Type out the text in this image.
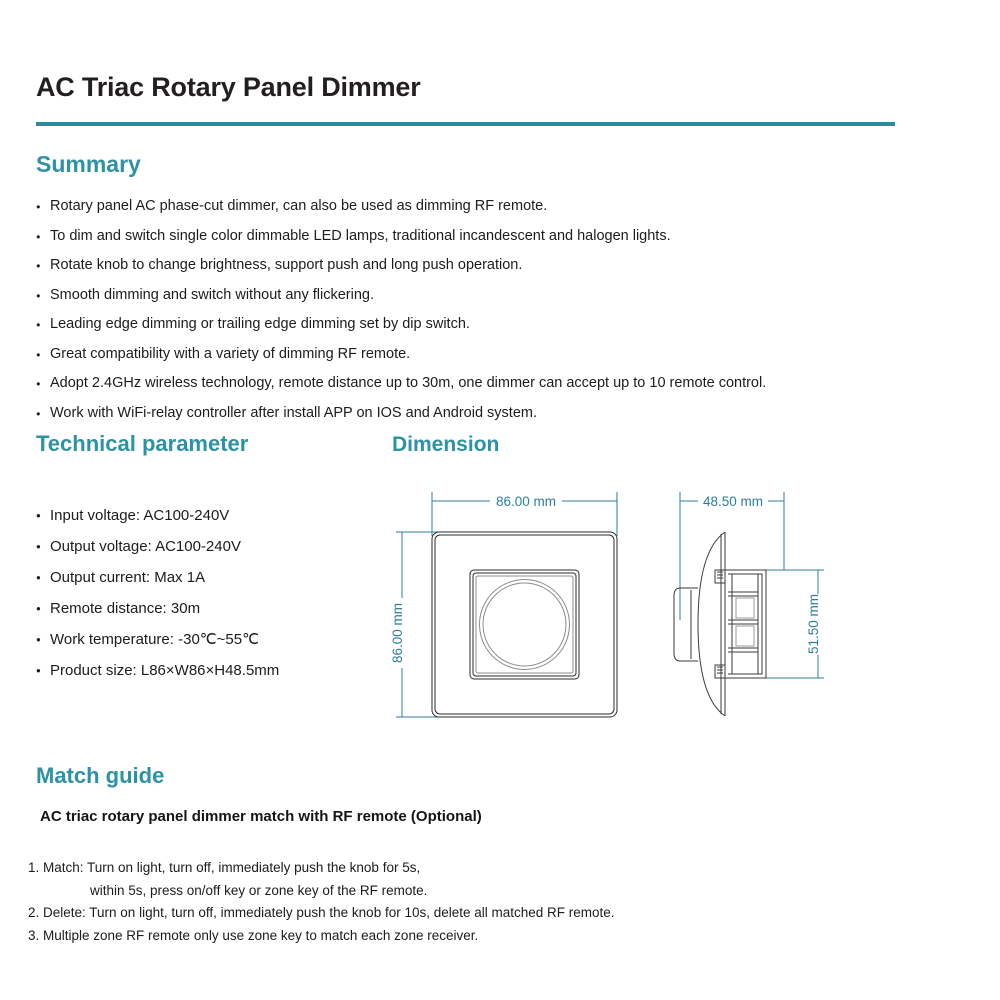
AC Triac Rotary Panel Dimmer
Summary
● Rotary panel AC phase-cut dimmer, can also be used as dimming RF remote.
● To dim and switch single color dimmable LED lamps, traditional incandescent and halogen lights.
● Rotate knob to change brightness, support push and long push operation.
● Smooth dimming and switch without any flickering.
● Leading edge dimming or trailing edge dimming set by dip switch.
● Great compatibility with a variety of dimming RF remote.
● Adopt 2.4GHz wireless technology, remote distance up to 30m, one dimmer can accept up to 10 remote control.
● Work with WiFi-relay controller after install APP on IOS and Android system.
Technical parameter
● Input voltage: AC100-240V
● Output voltage: AC100-240V
● Output current: Max 1A
● Remote distance: 30m
● Work temperature: -30℃~55℃
● Product size: L86×W86×H48.5mm
Dimension
86.00 mm
86.00 mm
48.50 mm
51.50 mm
Match guide
AC triac rotary panel dimmer match with RF remote (Optional)
1. Match: Turn on light, turn off, immediately push the knob for 5s,
within 5s, press on/off key or zone key of the RF remote.
2. Delete: Turn on light, turn off, immediately push the knob for 10s, delete all matched RF remote.
3. Multiple zone RF remote only use zone key to match each zone receiver.
